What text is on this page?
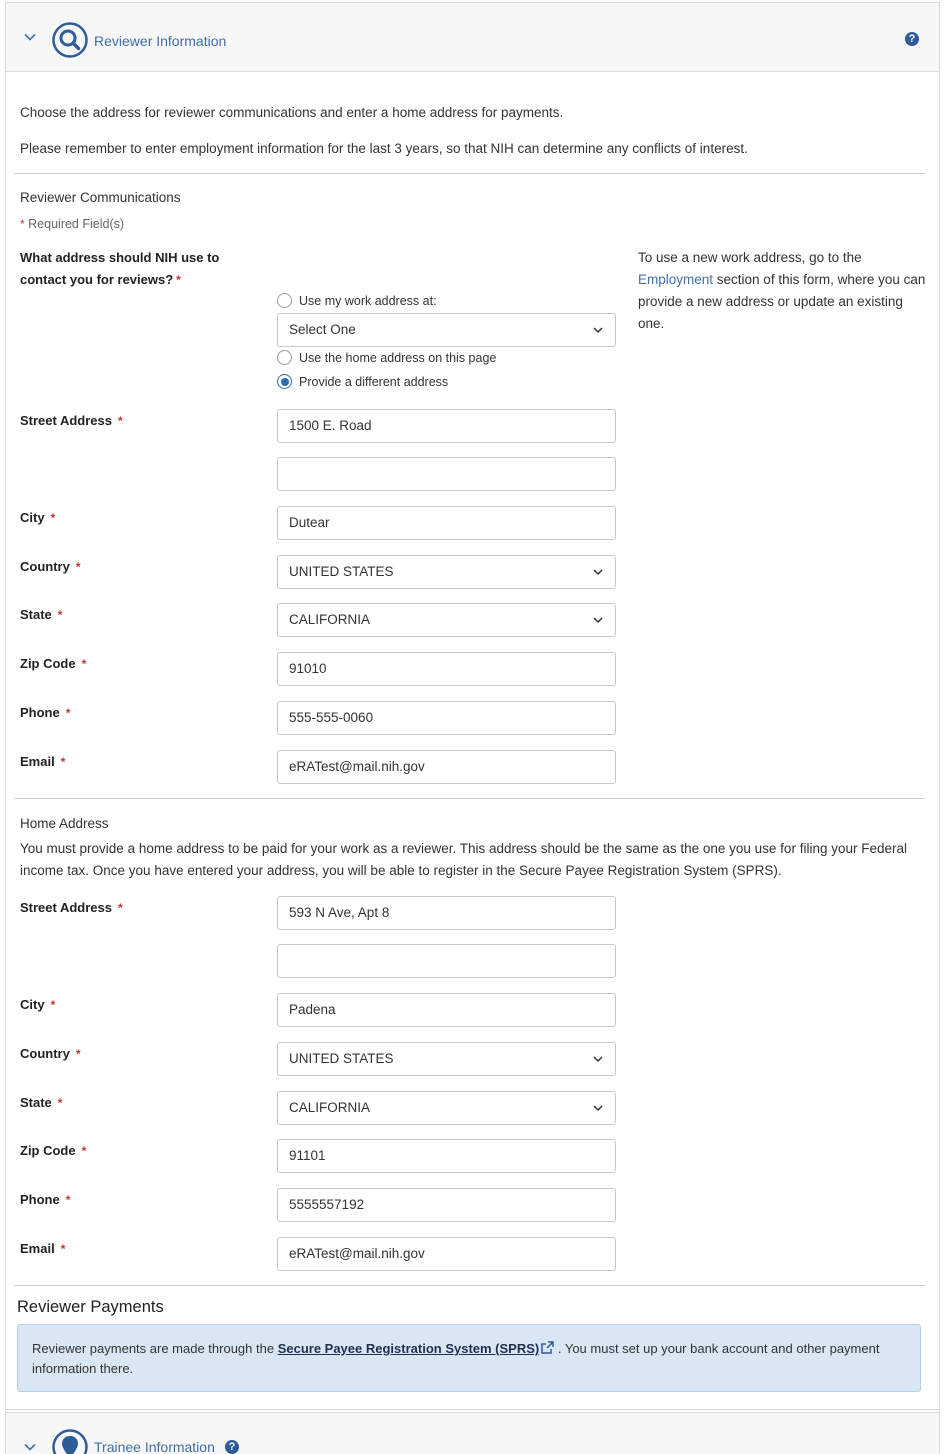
Reviewer Information	?
Choose the address for reviewer communications and enter a home address for payments.
Please remember to enter employment information for the last 3 years, so that NIH can determine any conflicts of interest.
Reviewer Communications
* Required Field(s)
What address should NIH use to
contact you for reviews? *
Use my work address at:
Select One
Use the home address on this page
Provide a different address
To use a new work address, go to the Employment section of this form, where you can provide a new address or update an existing one.
Street Address *	1500 E. Road
City *	Dutear
Country *	UNITED STATES
State *	CALIFORNIA
Zip Code *	91010
Phone *	555-555-0060
Email *	eRATest@mail.nih.gov
Home Address
You must provide a home address to be paid for your work as a reviewer. This address should be the same as the one you use for filing your Federal income tax. Once you have entered your address, you will be able to register in the Secure Payee Registration System (SPRS).
Street Address *	593 N Ave, Apt 8
City *	Padena
Country *	UNITED STATES
State *	CALIFORNIA
Zip Code *	91101
Phone *	5555557192
Email *	eRATest@mail.nih.gov
Reviewer Payments
Reviewer payments are made through the Secure Payee Registration System (SPRS) . You must set up your bank account and other payment information there.
Trainee Information	?
